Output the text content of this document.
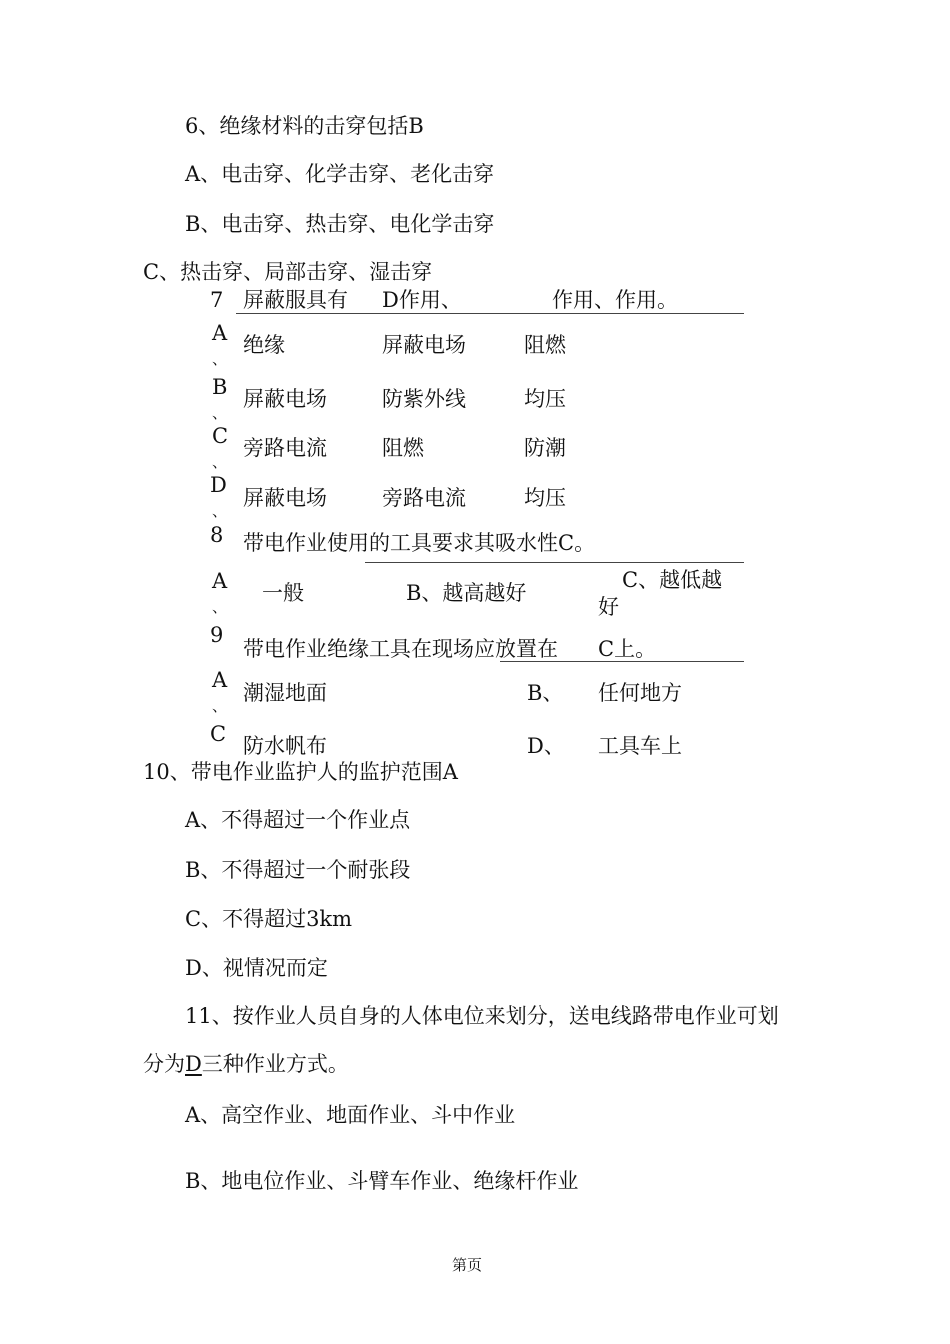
6、绝缘材料的击穿包括B
A、电击穿、化学击穿、老化击穿
B、电击穿、热击穿、电化学击穿
C、热击穿、局部击穿、湿击穿
7 屏蔽服具有 D作用、	作用、作用。
A
、
绝缘	屏蔽电场	阻燃
B
、
屏蔽电场	防紫外线	均压
C
、
旁路电流	阻燃	防潮
D
、
屏蔽电场	旁路电流	均压
8 带电作业使用的工具要求其吸水性C。
A
、
一般	B、越高越好
C、越低越
好
9
带电作业绝缘工具在现场应放置在 C上。
A
、
潮湿地面	B、 任何地方
C 防水帆布	D、 工具车上
10、带电作业监护人的监护范围A
A、不得超过一个作业点
B、不得超过一个耐张段
C、不得超过3km
D、视情况而定
11、按作业人员自身的人体电位来划分，送电线路带电作业可划
分为D三种作业方式。
A、高空作业、地面作业、斗中作业
B、地电位作业、斗臂车作业、绝缘杆作业
第页
